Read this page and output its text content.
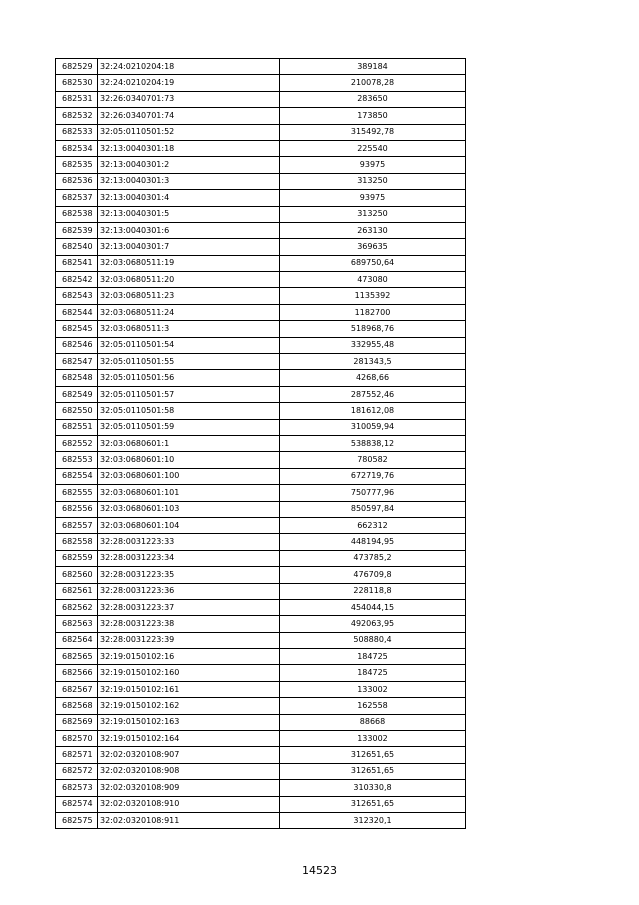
682529	32:24:0210204:18	389184
682530	32:24:0210204:19	210078,28
682531	32:26:0340701:73	283650
682532	32:26:0340701:74	173850
682533	32:05:0110501:52	315492,78
682534	32:13:0040301:18	225540
682535	32:13:0040301:2	93975
682536	32:13:0040301:3	313250
682537	32:13:0040301:4	93975
682538	32:13:0040301:5	313250
682539	32:13:0040301:6	263130
682540	32:13:0040301:7	369635
682541	32:03:0680511:19	689750,64
682542	32:03:0680511:20	473080
682543	32:03:0680511:23	1135392
682544	32:03:0680511:24	1182700
682545	32:03:0680511:3	518968,76
682546	32:05:0110501:54	332955,48
682547	32:05:0110501:55	281343,5
682548	32:05:0110501:56	4268,66
682549	32:05:0110501:57	287552,46
682550	32:05:0110501:58	181612,08
682551	32:05:0110501:59	310059,94
682552	32:03:0680601:1	538838,12
682553	32:03:0680601:10	780582
682554	32:03:0680601:100	672719,76
682555	32:03:0680601:101	750777,96
682556	32:03:0680601:103	850597,84
682557	32:03:0680601:104	662312
682558	32:28:0031223:33	448194,95
682559	32:28:0031223:34	473785,2
682560	32:28:0031223:35	476709,8
682561	32:28:0031223:36	228118,8
682562	32:28:0031223:37	454044,15
682563	32:28:0031223:38	492063,95
682564	32:28:0031223:39	508880,4
682565	32:19:0150102:16	184725
682566	32:19:0150102:160	184725
682567	32:19:0150102:161	133002
682568	32:19:0150102:162	162558
682569	32:19:0150102:163	88668
682570	32:19:0150102:164	133002
682571	32:02:0320108:907	312651,65
682572	32:02:0320108:908	312651,65
682573	32:02:0320108:909	310330,8
682574	32:02:0320108:910	312651,65
682575	32:02:0320108:911	312320,1
14523
